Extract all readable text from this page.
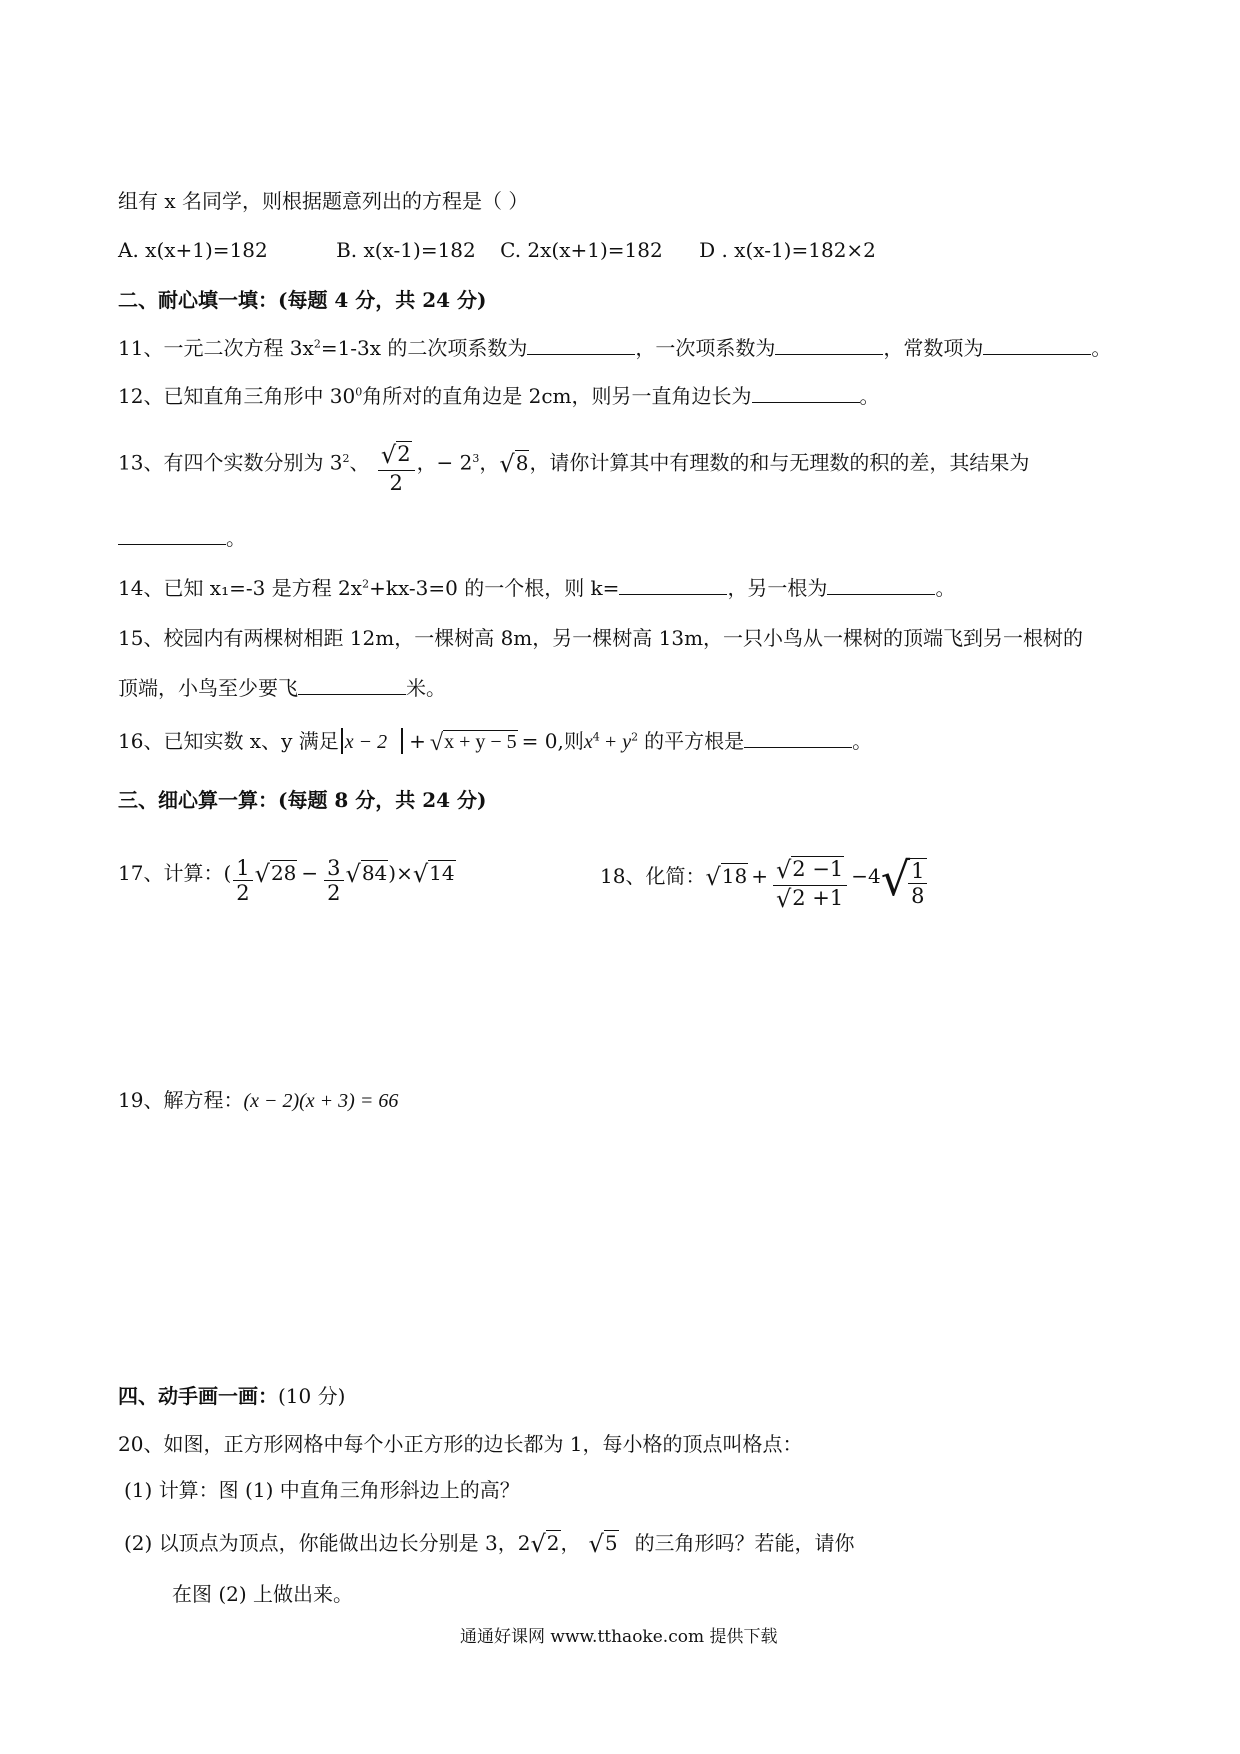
组有 x 名同学，则根据题意列出的方程是（ ）
A. x(x+1)=182	B. x(x-1)=182 C. 2x(x+1)=182 D . x(x-1)=182×2
二、耐心填一填：(每题 4 分，共 24 分)
11、一元二次方程 $3x^2=1-3x$ 的二次项系数为	，一次项系数为	，常数项为	。
12、已知直角三角形中 $30^0$角所对的直角边是 2cm，则另一直角边长为	。
13、有四个实数分别为 $3^2$、 $\frac{√2}{2}$ ，− $2^3$，√8，请你计算其中有理数的和与无理数的积的差，其结果为
。
14、已知 x₁=-3 是方程 $2x^2+kx-3=0$ 的一个根，则 k=	，另一根为	。
15、校园内有两棵树相距 12m，一棵树高 8m，另一棵树高 13m，一只小鸟从一棵树的顶端飞到另一根树的
顶端，小鸟至少要飞	米。
16、已知实数 x、y 满足 x − 2 + √x + y − 5 = 0,则$x^4 + y^2$ 的平方根是	。
三、细心算一算：(每题 8 分，共 24 分)
17、计算：( $\frac{1}{2} √28 - \frac{3}{2} √84)\times√14$	18、化简：$√18 + \frac{√2 -1}{√2 +1} -4√$
$\frac{1}{8}$
19、解方程：(x − 2)(x + 3) = 66
四、动手画一画：(10 分)
20、如图，正方形网格中每个小正方形的边长都为 1，每小格的顶点叫格点：
(1) 计算：图 (1) 中直角三角形斜边上的高？
(2) 以顶点为顶点，你能做出边长分别是 3，2√2， √5 的三角形吗？若能，请你
在图 (2) 上做出来。
通通好课网 www.tthaoke.com 提供下载
